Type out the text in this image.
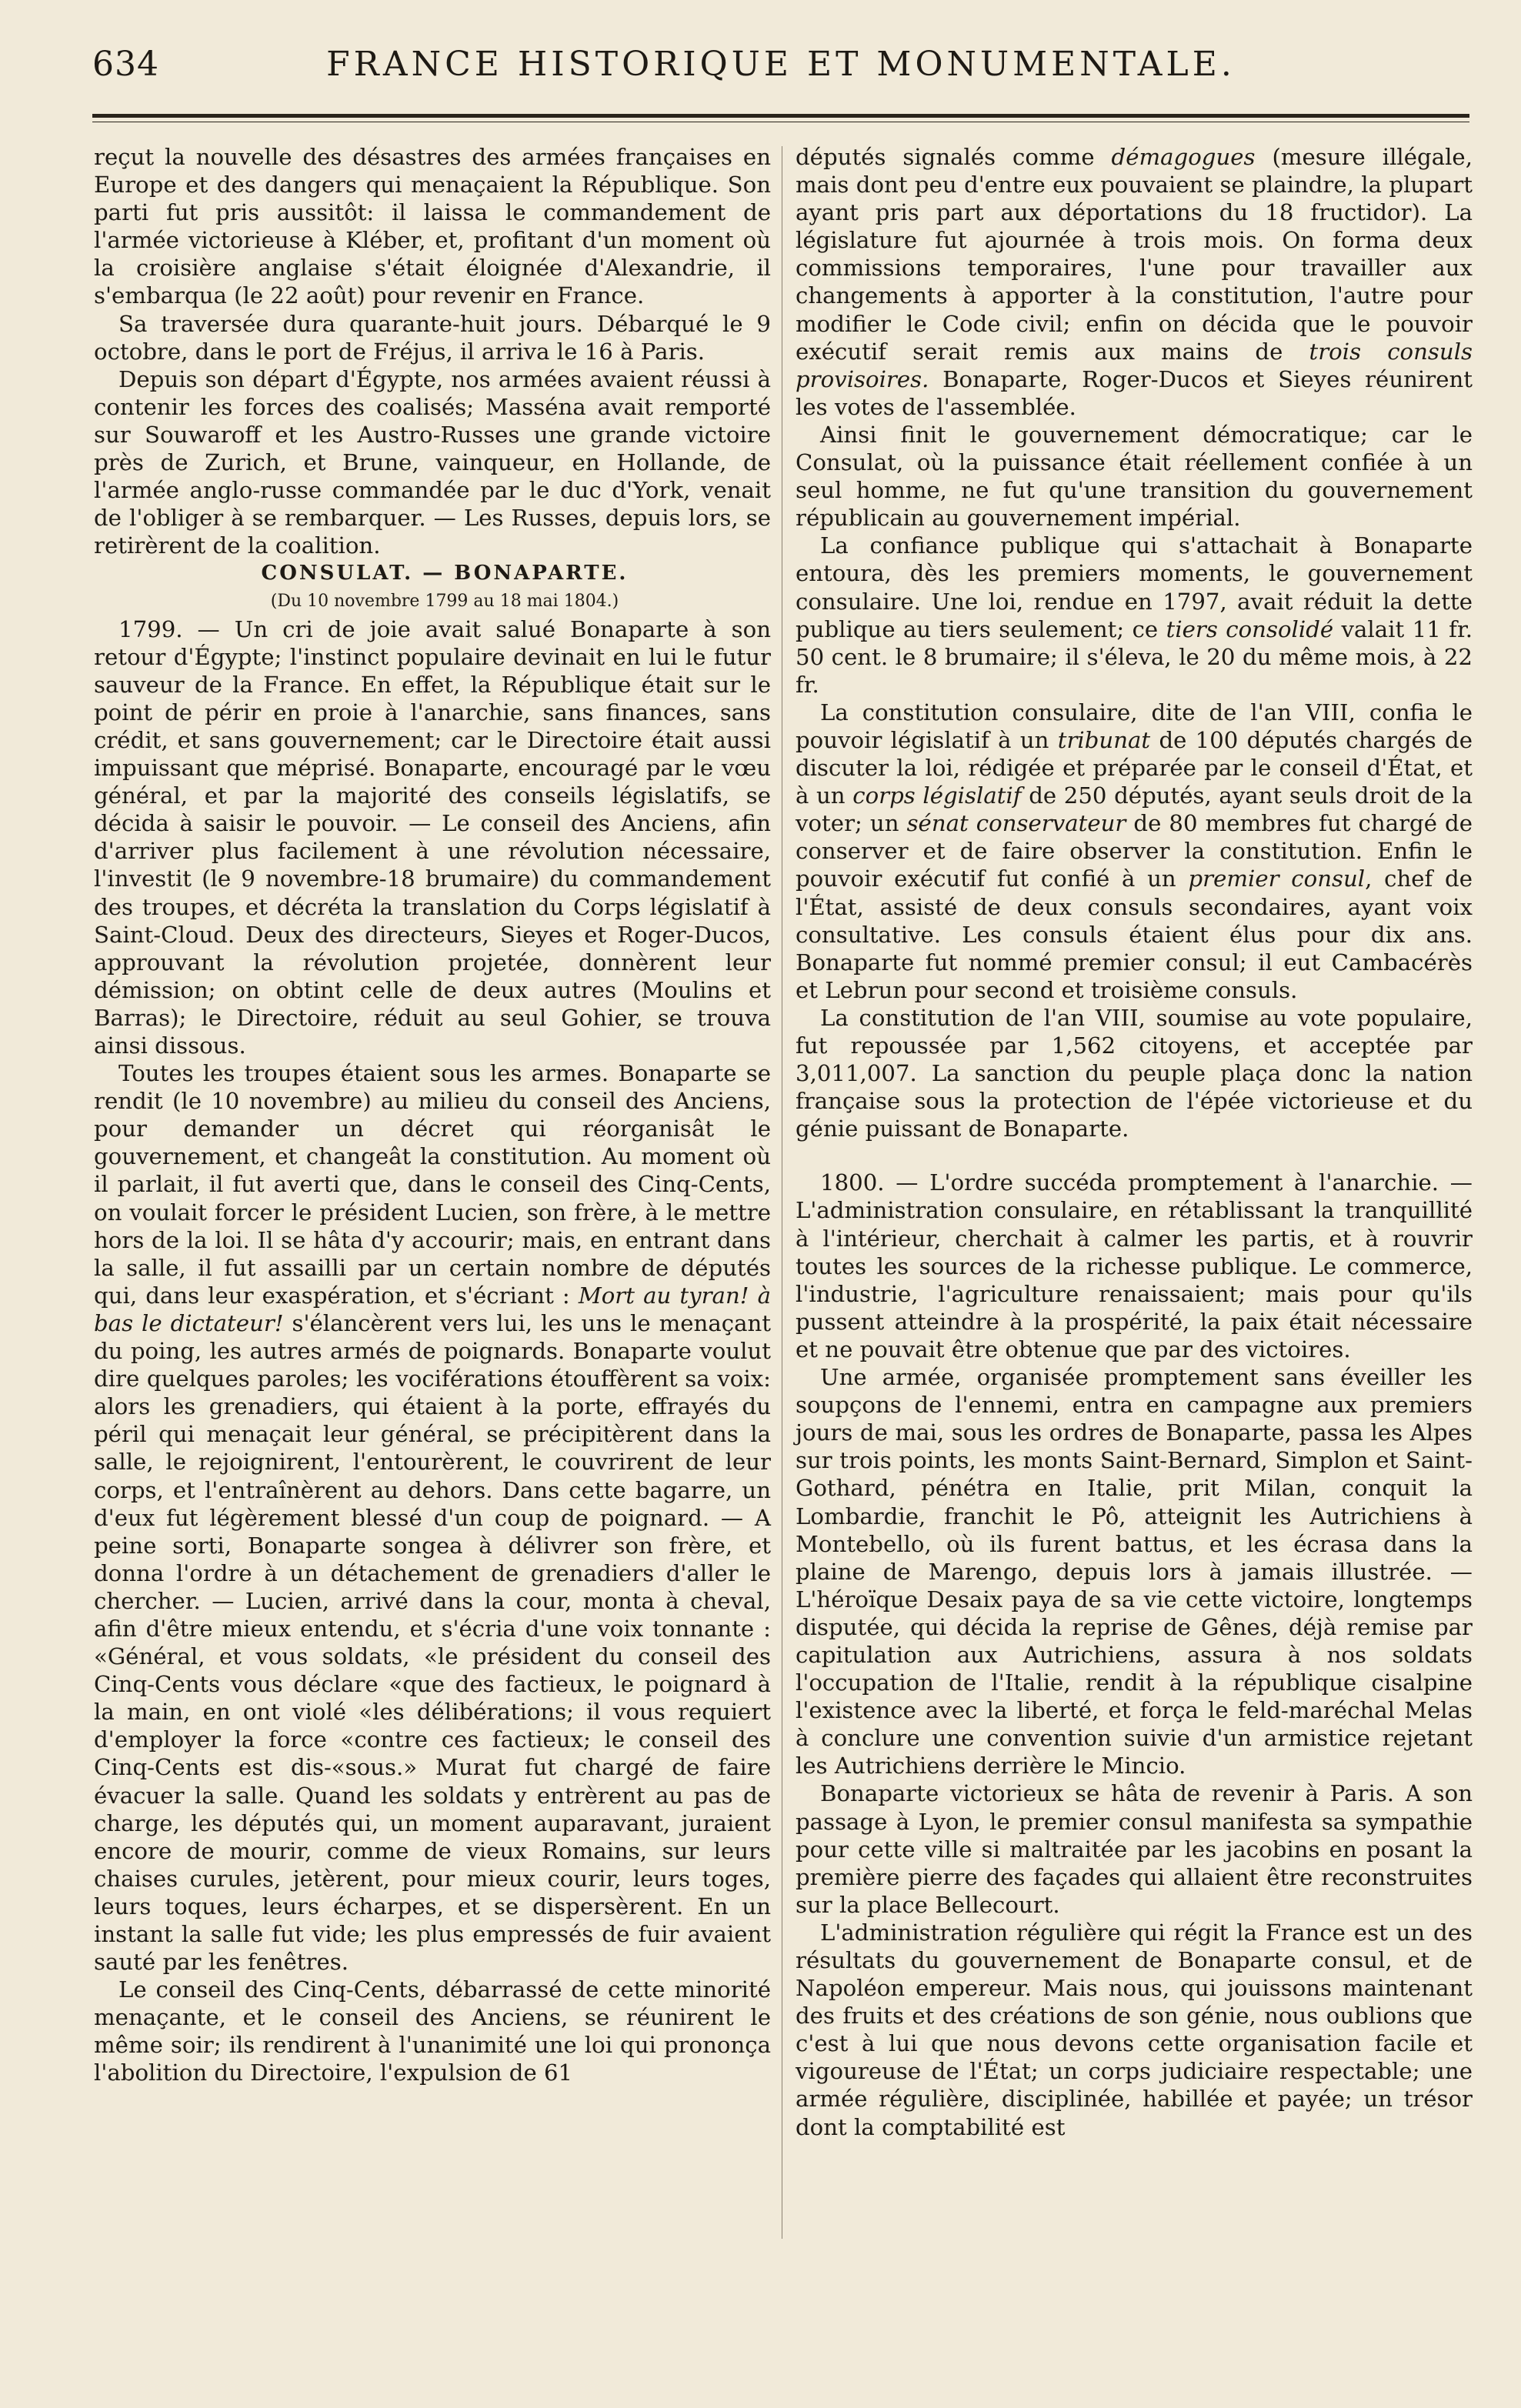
634	FRANCE HISTORIQUE ET MONUMENTALE.

reçut la nouvelle des désastres des armées françaises en Europe et des dangers qui menaçaient la République. Son parti fut pris aussitôt: il laissa le commandement de l'armée victorieuse à Kléber, et, profitant d'un moment où la croisière anglaise s'était éloignée d'Alexandrie, il s'embarqua (le 22 août) pour revenir en France.

Sa traversée dura quarante-huit jours. Débarqué le 9 octobre, dans le port de Fréjus, il arriva le 16 à Paris.

Depuis son départ d'Égypte, nos armées avaient réussi à contenir les forces des coalisés; Masséna avait remporté sur Souwaroff et les Austro-Russes une grande victoire près de Zurich, et Brune, vainqueur, en Hollande, de l'armée anglo-russe commandée par le duc d'York, venait de l'obliger à se rembarquer. — Les Russes, depuis lors, se retirèrent de la coalition.

CONSULAT. — BONAPARTE.

(Du 10 novembre 1799 au 18 mai 1804.)

1799. — Un cri de joie avait salué Bonaparte à son retour d'Égypte; l'instinct populaire devinait en lui le futur sauveur de la France. En effet, la République était sur le point de périr en proie à l'anarchie, sans finances, sans crédit, et sans gouvernement; car le Directoire était aussi impuissant que méprisé. Bonaparte, encouragé par le vœu général, et par la majorité des conseils législatifs, se décida à saisir le pouvoir. — Le conseil des Anciens, afin d'arriver plus facilement à une révolution nécessaire, l'investit (le 9 novembre-18 brumaire) du commandement des troupes, et décréta la translation du Corps législatif à Saint-Cloud. Deux des directeurs, Sieyes et Roger-Ducos, approuvant la révolution projetée, donnèrent leur démission; on obtint celle de deux autres (Moulins et Barras); le Directoire, réduit au seul Gohier, se trouva ainsi dissous.

Toutes les troupes étaient sous les armes. Bonaparte se rendit (le 10 novembre) au milieu du conseil des Anciens, pour demander un décret qui réorganisât le gouvernement, et changeât la constitution. Au moment où il parlait, il fut averti que, dans le conseil des Cinq-Cents, on voulait forcer le président Lucien, son frère, à le mettre hors de la loi. Il se hâta d'y accourir; mais, en entrant dans la salle, il fut assailli par un certain nombre de députés qui, dans leur exaspération, et s'écriant : Mort au tyran! à bas le dictateur! s'élancèrent vers lui, les uns le menaçant du poing, les autres armés de poignards. Bonaparte voulut dire quelques paroles; les vociférations étouffèrent sa voix: alors les grenadiers, qui étaient à la porte, effrayés du péril qui menaçait leur général, se précipitèrent dans la salle, le rejoignirent, l'entourèrent, le couvrirent de leur corps, et l'entraînèrent au dehors. Dans cette bagarre, un d'eux fut légèrement blessé d'un coup de poignard. — A peine sorti, Bonaparte songea à délivrer son frère, et donna l'ordre à un détachement de grenadiers d'aller le chercher. — Lucien, arrivé dans la cour, monta à cheval, afin d'être mieux entendu, et s'écria d'une voix tonnante : «Général, et vous soldats, «le président du conseil des Cinq-Cents vous déclare «que des factieux, le poignard à la main, en ont violé «les délibérations; il vous requiert d'employer la force «contre ces factieux; le conseil des Cinq-Cents est dis-«sous.» Murat fut chargé de faire évacuer la salle. Quand les soldats y entrèrent au pas de charge, les députés qui, un moment auparavant, juraient encore de mourir, comme de vieux Romains, sur leurs chaises curules, jetèrent, pour mieux courir, leurs toges, leurs toques, leurs écharpes, et se dispersèrent. En un instant la salle fut vide; les plus empressés de fuir avaient sauté par les fenêtres.

Le conseil des Cinq-Cents, débarrassé de cette minorité menaçante, et le conseil des Anciens, se réunirent le même soir; ils rendirent à l'unanimité une loi qui prononça l'abolition du Directoire, l'expulsion de 61

députés signalés comme démagogues (mesure illégale, mais dont peu d'entre eux pouvaient se plaindre, la plupart ayant pris part aux déportations du 18 fructidor). La législature fut ajournée à trois mois. On forma deux commissions temporaires, l'une pour travailler aux changements à apporter à la constitution, l'autre pour modifier le Code civil; enfin on décida que le pouvoir exécutif serait remis aux mains de trois consuls provisoires. Bonaparte, Roger-Ducos et Sieyes réunirent les votes de l'assemblée.

Ainsi finit le gouvernement démocratique; car le Consulat, où la puissance était réellement confiée à un seul homme, ne fut qu'une transition du gouvernement républicain au gouvernement impérial.

La confiance publique qui s'attachait à Bonaparte entoura, dès les premiers moments, le gouvernement consulaire. Une loi, rendue en 1797, avait réduit la dette publique au tiers seulement; ce tiers consolidé valait 11 fr. 50 cent. le 8 brumaire; il s'éleva, le 20 du même mois, à 22 fr.

La constitution consulaire, dite de l'an VIII, confia le pouvoir législatif à un tribunat de 100 députés chargés de discuter la loi, rédigée et préparée par le conseil d'État, et à un corps législatif de 250 députés, ayant seuls droit de la voter; un sénat conservateur de 80 membres fut chargé de conserver et de faire observer la constitution. Enfin le pouvoir exécutif fut confié à un premier consul, chef de l'État, assisté de deux consuls secondaires, ayant voix consultative. Les consuls étaient élus pour dix ans. Bonaparte fut nommé premier consul; il eut Cambacérès et Lebrun pour second et troisième consuls.

La constitution de l'an VIII, soumise au vote populaire, fut repoussée par 1,562 citoyens, et acceptée par 3,011,007. La sanction du peuple plaça donc la nation française sous la protection de l'épée victorieuse et du génie puissant de Bonaparte.

1800. — L'ordre succéda promptement à l'anarchie. — L'administration consulaire, en rétablissant la tranquillité à l'intérieur, cherchait à calmer les partis, et à rouvrir toutes les sources de la richesse publique. Le commerce, l'industrie, l'agriculture renaissaient; mais pour qu'ils pussent atteindre à la prospérité, la paix était nécessaire et ne pouvait être obtenue que par des victoires.

Une armée, organisée promptement sans éveiller les soupçons de l'ennemi, entra en campagne aux premiers jours de mai, sous les ordres de Bonaparte, passa les Alpes sur trois points, les monts Saint-Bernard, Simplon et Saint-Gothard, pénétra en Italie, prit Milan, conquit la Lombardie, franchit le Pô, atteignit les Autrichiens à Montebello, où ils furent battus, et les écrasa dans la plaine de Marengo, depuis lors à jamais illustrée. — L'héroïque Desaix paya de sa vie cette victoire, longtemps disputée, qui décida la reprise de Gênes, déjà remise par capitulation aux Autrichiens, assura à nos soldats l'occupation de l'Italie, rendit à la république cisalpine l'existence avec la liberté, et força le feld-maréchal Melas à conclure une convention suivie d'un armistice rejetant les Autrichiens derrière le Mincio.

Bonaparte victorieux se hâta de revenir à Paris. A son passage à Lyon, le premier consul manifesta sa sympathie pour cette ville si maltraitée par les jacobins en posant la première pierre des façades qui allaient être reconstruites sur la place Bellecourt.

L'administration régulière qui régit la France est un des résultats du gouvernement de Bonaparte consul, et de Napoléon empereur. Mais nous, qui jouissons maintenant des fruits et des créations de son génie, nous oublions que c'est à lui que nous devons cette organisation facile et vigoureuse de l'État; un corps judiciaire respectable; une armée régulière, disciplinée, habillée et payée; un trésor dont la comptabilité est
